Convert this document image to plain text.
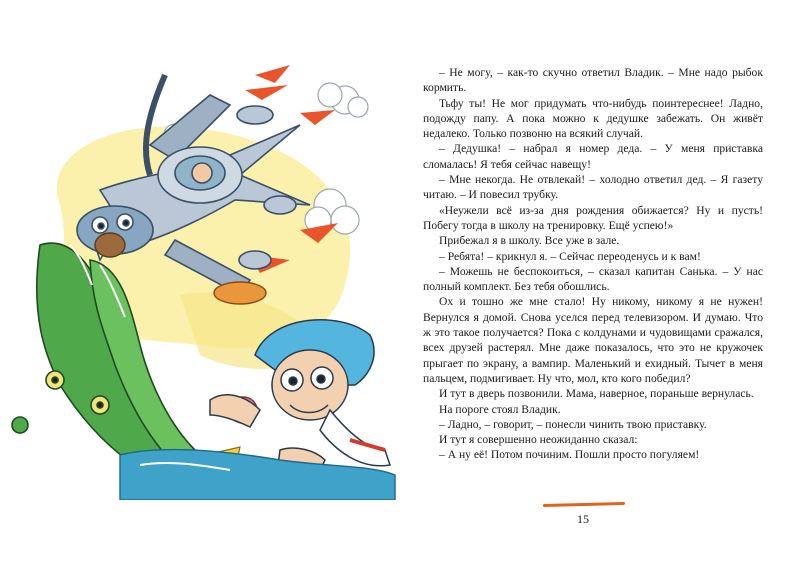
– Не могу, – как-то скучно ответил Владик. – Мне надо рыбок кормить.

Тьфу ты! Не мог придумать что-нибудь поинтереснее! Ладно, подожду папу. А пока можно к дедушке забежать. Он живёт недалеко. Только позвоню на всякий случай.

– Дедушка! – набрал я номер деда. – У меня приставка сломалась! Я тебя сейчас навещу!

– Мне некогда. Не отвлекай! – холодно ответил дед. – Я газету читаю. – И повесил трубку.

«Неужели всё из-за дня рождения обижается? Ну и пусть! Побегу тогда в школу на тренировку. Ещё успею!»

Прибежал я в школу. Все уже в зале.

– Ребята! – крикнул я. – Сейчас переоденусь и к вам!

– Можешь не беспокоиться, – сказал капитан Санька. – У нас полный комплект. Без тебя обошлись.

Ох и тошно же мне стало! Ну никому, никому я не нужен! Вернулся я домой. Снова уселся перед телевизором. И думаю. Что ж это такое получается? Пока с колдунами и чудовищами сражался, всех друзей растерял. Мне даже показалось, что это не кружочек прыгает по экрану, а вампир. Маленький и ехидный. Тычет в меня пальцем, подмигивает. Ну что, мол, кто кого победил?

И тут в дверь позвонили. Мама, наверное, пораньше вернулась.

На пороге стоял Владик.

– Ладно, – говорит, – понесли чинить твою приставку.

И тут я совершенно неожиданно сказал:

– А ну её! Потом починим. Пошли просто погуляем!

15
